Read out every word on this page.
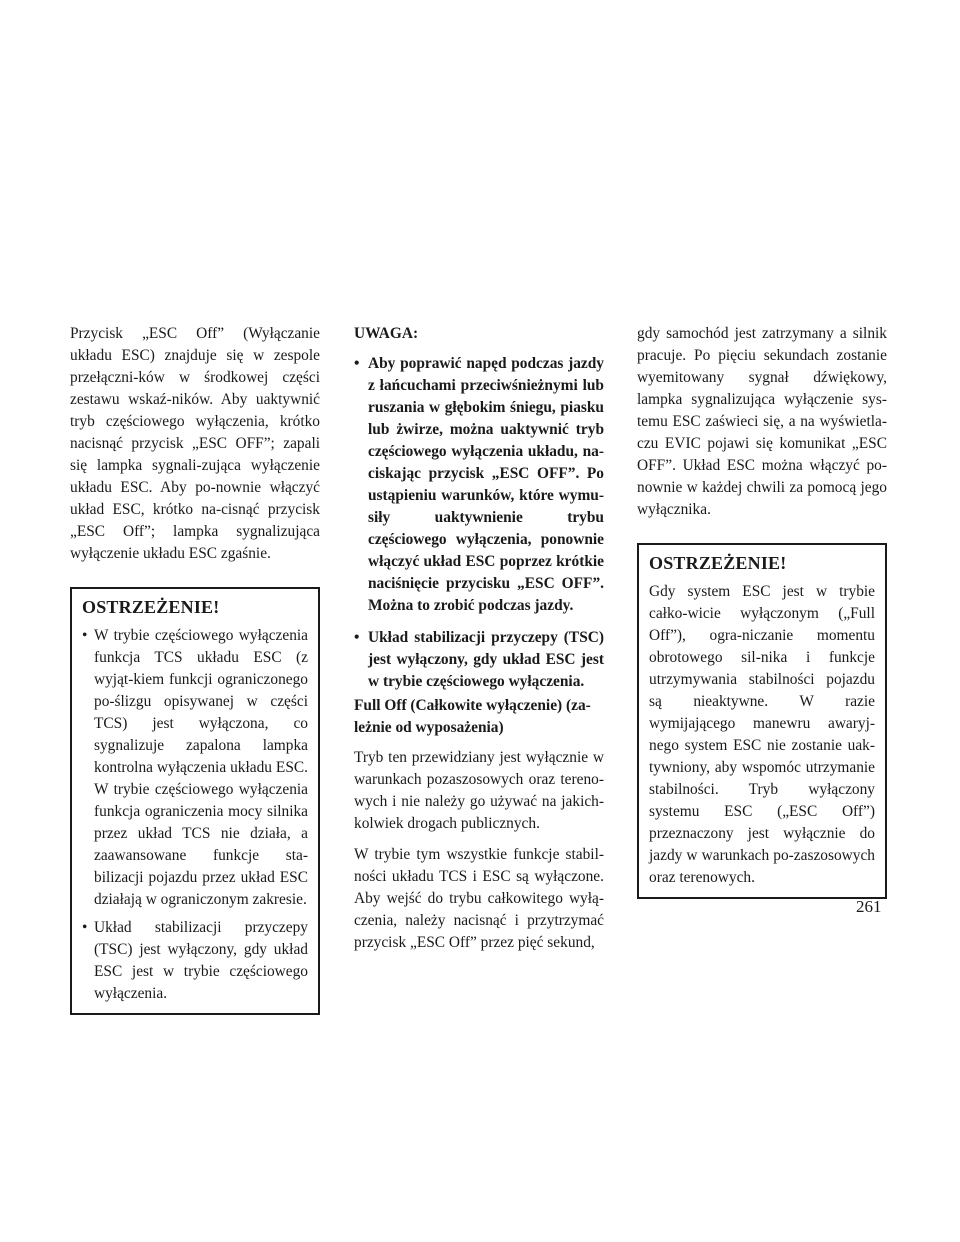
Przycisk „ESC Off” (Wyłączanie układu ESC) znajduje się w zespole przełączni-ków w środkowej części zestawu wskaź-ników. Aby uaktywnić tryb częściowego wyłączenia, krótko nacisnąć przycisk „ESC OFF”; zapali się lampka sygnali-zująca wyłączenie układu ESC. Aby po-nownie włączyć układ ESC, krótko na-cisnąć przycisk „ESC Off”; lampka sygnalizująca wyłączenie układu ESC zgaśnie.

OSTRZEŻENIE!
• W trybie częściowego wyłączenia funkcja TCS układu ESC (z wyjąt-kiem funkcji ograniczonego po-ślizgu opisywanej w części TCS) jest wyłączona, co sygnalizuje zapalona lampka kontrolna wyłączenia układu ESC. W trybie częściowego wyłączenia funkcja ograniczenia mocy silnika przez układ TCS nie działa, a zaawansowane funkcje sta-bilizacji pojazdu przez układ ESC działają w ograniczonym zakresie.
• Układ stabilizacji przyczepy (TSC) jest wyłączony, gdy układ ESC jest w trybie częściowego wyłączenia.
UWAGA:
• Aby poprawić napęd podczas jazdy z łańcuchami przeciwśnieżnymi lub ruszania w głębokim śniegu, piasku lub żwirze, można uaktywnić tryb częściowego wyłączenia układu, na-ciskając przycisk „ESC OFF”. Po ustąpieniu warunków, które wymu-siły uaktywnienie trybu częściowego wyłączenia, ponownie włączyć układ ESC poprzez krótkie naciśnięcie przycisku „ESC OFF”. Można to zrobić podczas jazdy.
• Układ stabilizacji przyczepy (TSC) jest wyłączony, gdy układ ESC jest w trybie częściowego wyłączenia.
Full Off (Całkowite wyłączenie) (za-leżnie od wyposażenia)

Tryb ten przewidziany jest wyłącznie w warunkach pozaszosowych oraz tereno-wych i nie należy go używać na jakich-kolwiek drogach publicznych.

W trybie tym wszystkie funkcje stabil-ności układu TCS i ESC są wyłączone. Aby wejść do trybu całkowitego wyłą-czenia, należy nacisnąć i przytrzymać przycisk „ESC Off” przez pięć sekund,

gdy samochód jest zatrzymany a silnik pracuje. Po pięciu sekundach zostanie wyemitowany sygnał dźwiękowy, lampka sygnalizująca wyłączenie sys-temu ESC zaświeci się, a na wyświetla-czu EVIC pojawi się komunikat „ESC OFF”. Układ ESC można włączyć po-nownie w każdej chwili za pomocą jego wyłącznika.

OSTRZEŻENIE!

Gdy system ESC jest w trybie całko-wicie wyłączonym („Full Off”), ogra-niczanie momentu obrotowego sil-nika i funkcje utrzymywania stabilności pojazdu są nieaktywne. W razie wymijającego manewru awaryj-nego system ESC nie zostanie uak-tywniony, aby wspomóc utrzymanie stabilności. Tryb wyłączony systemu ESC („ESC Off”) przeznaczony jest wyłącznie do jazdy w warunkach po-zaszosowych oraz terenowych.

261
